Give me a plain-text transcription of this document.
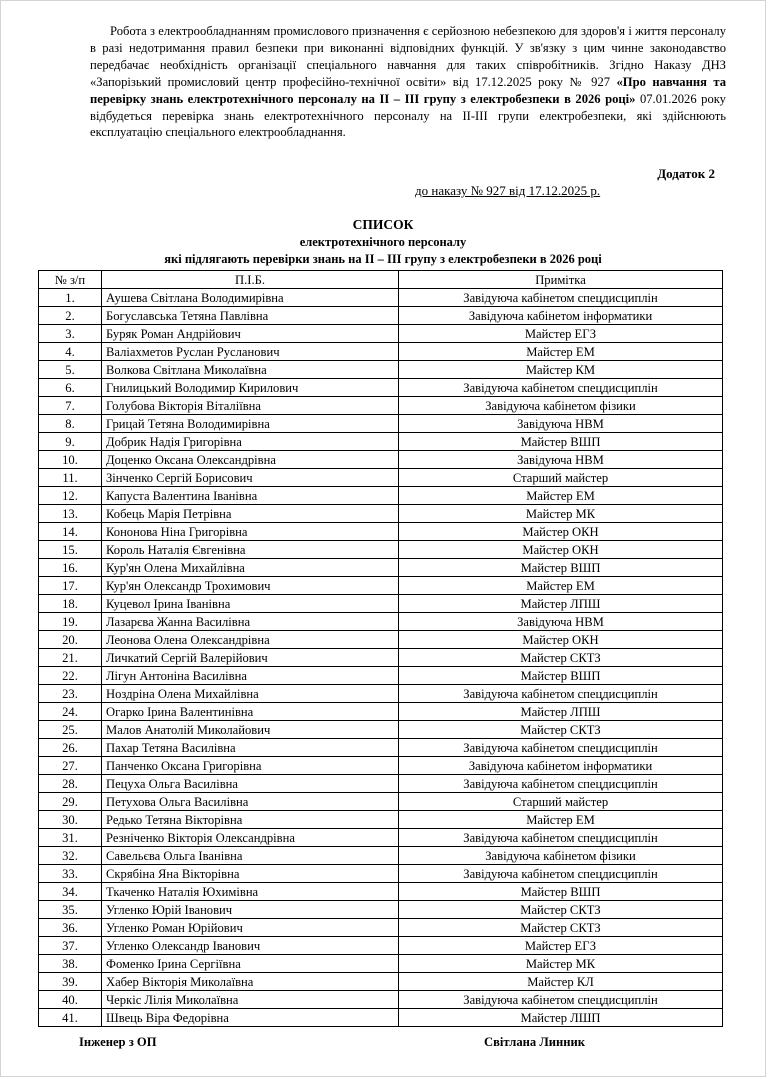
Робота з електрообладнанням промислового призначення є серйозною небезпекою для здоров'я і життя персоналу в разі недотримання правил безпеки при виконанні відповідних функцій. У зв'язку з цим чинне законодавство передбачає необхідність організації спеціального навчання для таких співробітників. Згідно Наказу ДНЗ «Запорізький промисловий центр професійно-технічної освіти» від 17.12.2025 року № 927 «Про навчання та перевірку знань електротехнічного персоналу на II – III групу з електробезпеки в 2026 році» 07.01.2026 року відбудеться перевірка знань електротехнічного персоналу на II-III групи електробезпеки, які здійснюють експлуатацію спеціального електрообладнання.

Додаток 2
до наказу № 927 від 17.12.2025 р.
СПИСОК
електротехнічного персоналу
які підлягають перевірки знань на II – III групу з електробезпеки в 2026 році
№ з/п	П.І.Б.	Примітка
1.	Аушева Світлана Володимирівна	Завідуюча кабінетом спецдисциплін
2.	Богуславська Тетяна Павлівна	Завідуюча кабінетом інформатики
3.	Буряк Роман Андрійович	Майстер ЕГЗ
4.	Валіахметов Руслан Русланович	Майстер ЕМ
5.	Волкова Світлана Миколаївна	Майстер КМ
6.	Гнилицький Володимир Кирилович	Завідуюча кабінетом спецдисциплін
7.	Голубова Вікторія Віталіївна	Завідуюча кабінетом фізики
8.	Грицай Тетяна Володимирівна	Завідуюча НВМ
9.	Добрик Надія Григорівна	Майстер ВШП
10.	Доценко Оксана Олександрівна	Завідуюча НВМ
11.	Зінченко Сергій Борисович	Старший майстер
12.	Капуста Валентина Іванівна	Майстер ЕМ
13.	Кобець Марія Петрівна	Майстер МК
14.	Кононова Ніна Григорівна	Майстер ОКН
15.	Король Наталія Євгенівна	Майстер ОКН
16.	Кур'ян Олена Михайлівна	Майстер ВШП
17.	Кур'ян Олександр Трохимович	Майстер ЕМ
18.	Куцевол Ірина Іванівна	Майстер ЛПШ
19.	Лазарєва Жанна Василівна	Завідуюча НВМ
20.	Леонова Олена Олександрівна	Майстер ОКН
21.	Личкатий Сергій Валерійович	Майстер СКТЗ
22.	Лігун Антоніна Василівна	Майстер ВШП
23.	Ноздріна Олена Михайлівна	Завідуюча кабінетом спецдисциплін
24.	Огарко Ірина Валентинівна	Майстер ЛПШ
25.	Малов Анатолій Миколайович	Майстер СКТЗ
26.	Пахар Тетяна Василівна	Завідуюча кабінетом спецдисциплін
27.	Панченко Оксана Григорівна	Завідуюча кабінетом інформатики
28.	Пецуха Ольга Василівна	Завідуюча кабінетом спецдисциплін
29.	Петухова Ольга Василівна	Старший майстер
30.	Редько Тетяна Вікторівна	Майстер ЕМ
31.	Резніченко Вікторія Олександрівна	Завідуюча кабінетом спецдисциплін
32.	Савельєва Ольга Іванівна	Завідуюча кабінетом фізики
33.	Скрябіна Яна Вікторівна	Завідуюча кабінетом спецдисциплін
34.	Ткаченко Наталія Юхимівна	Майстер ВШП
35.	Угленко Юрій Іванович	Майстер СКТЗ
36.	Угленко Роман Юрійович	Майстер СКТЗ
37.	Угленко Олександр Іванович	Майстер ЕГЗ
38.	Фоменко Ірина Сергіївна	Майстер МК
39.	Хабер Вікторія Миколаївна	Майстер КЛ
40.	Черкіс Лілія Миколаївна	Завідуюча кабінетом спецдисциплін
41.	Швець Віра Федорівна	Майстер ЛШП
Інженер з ОП	Світлана Линник
